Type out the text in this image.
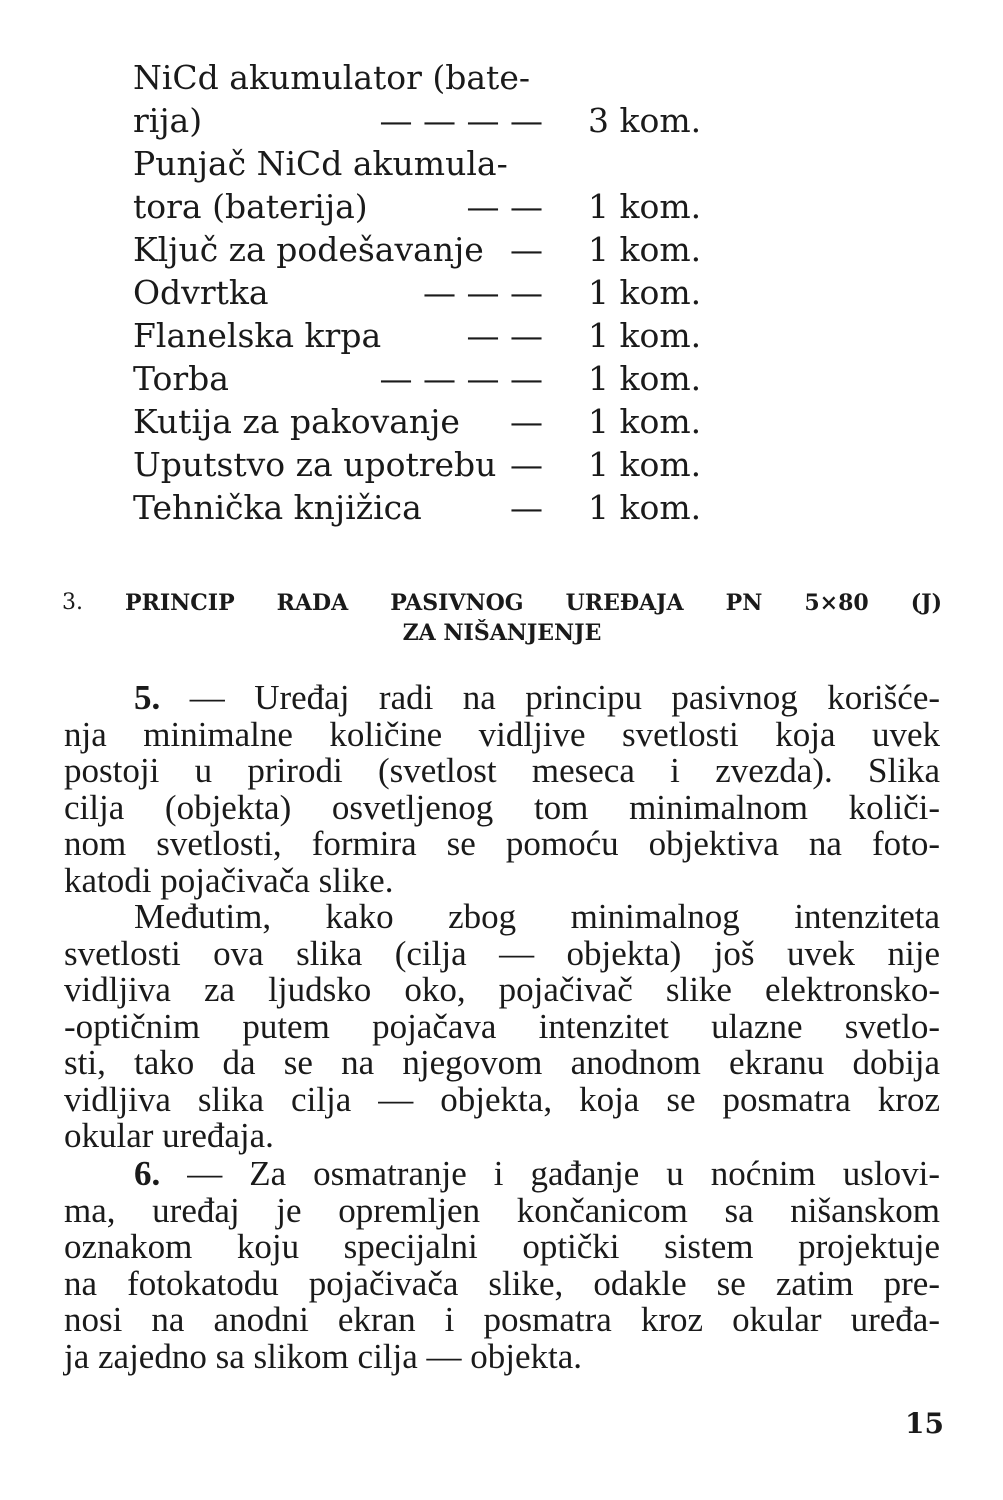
NiCd akumulator (bate-
rija)	— — — — 3 kom.
Punjač NiCd akumula-
tora (baterija)	— — 1 kom.
Ključ za podešavanje — 1 kom.
Odvrtka	— — — 1 kom.
Flanelska krpa	— — 1 kom.
Torba	— — — — 1 kom.
Kutija za pakovanje — 1 kom.
Uputstvo za upotrebu — 1 kom.
Tehnička knjižica	— 1 kom.
3. PRINCIP RADA PASIVNOG UREĐAJA PN 5×80 (J)
ZA NIŠANJENJE
5. — Uređaj radi na principu pasivnog korišće-
nja minimalne količine vidljive svetlosti koja uvek
postoji u prirodi (svetlost meseca i zvezda). Slika
cilja (objekta) osvetljenog tom minimalnom količi-
nom svetlosti, formira se pomoću objektiva na foto-
katodi pojačivača slike.
Međutim, kako zbog minimalnog intenziteta
svetlosti ova slika (cilja — objekta) još uvek nije
vidljiva za ljudsko oko, pojačivač slike elektronsko-
-optičnim putem pojačava intenzitet ulazne svetlo-
sti, tako da se na njegovom anodnom ekranu dobija
vidljiva slika cilja — objekta, koja se posmatra kroz
okular uređaja.
6. — Za osmatranje i gađanje u noćnim uslovi-
ma, uređaj je opremljen končanicom sa nišanskom
oznakom koju specijalni optički sistem projektuje
na fotokatodu pojačivača slike, odakle se zatim pre-
nosi na anodni ekran i posmatra kroz okular uređa-
ja zajedno sa slikom cilja — objekta.
15
